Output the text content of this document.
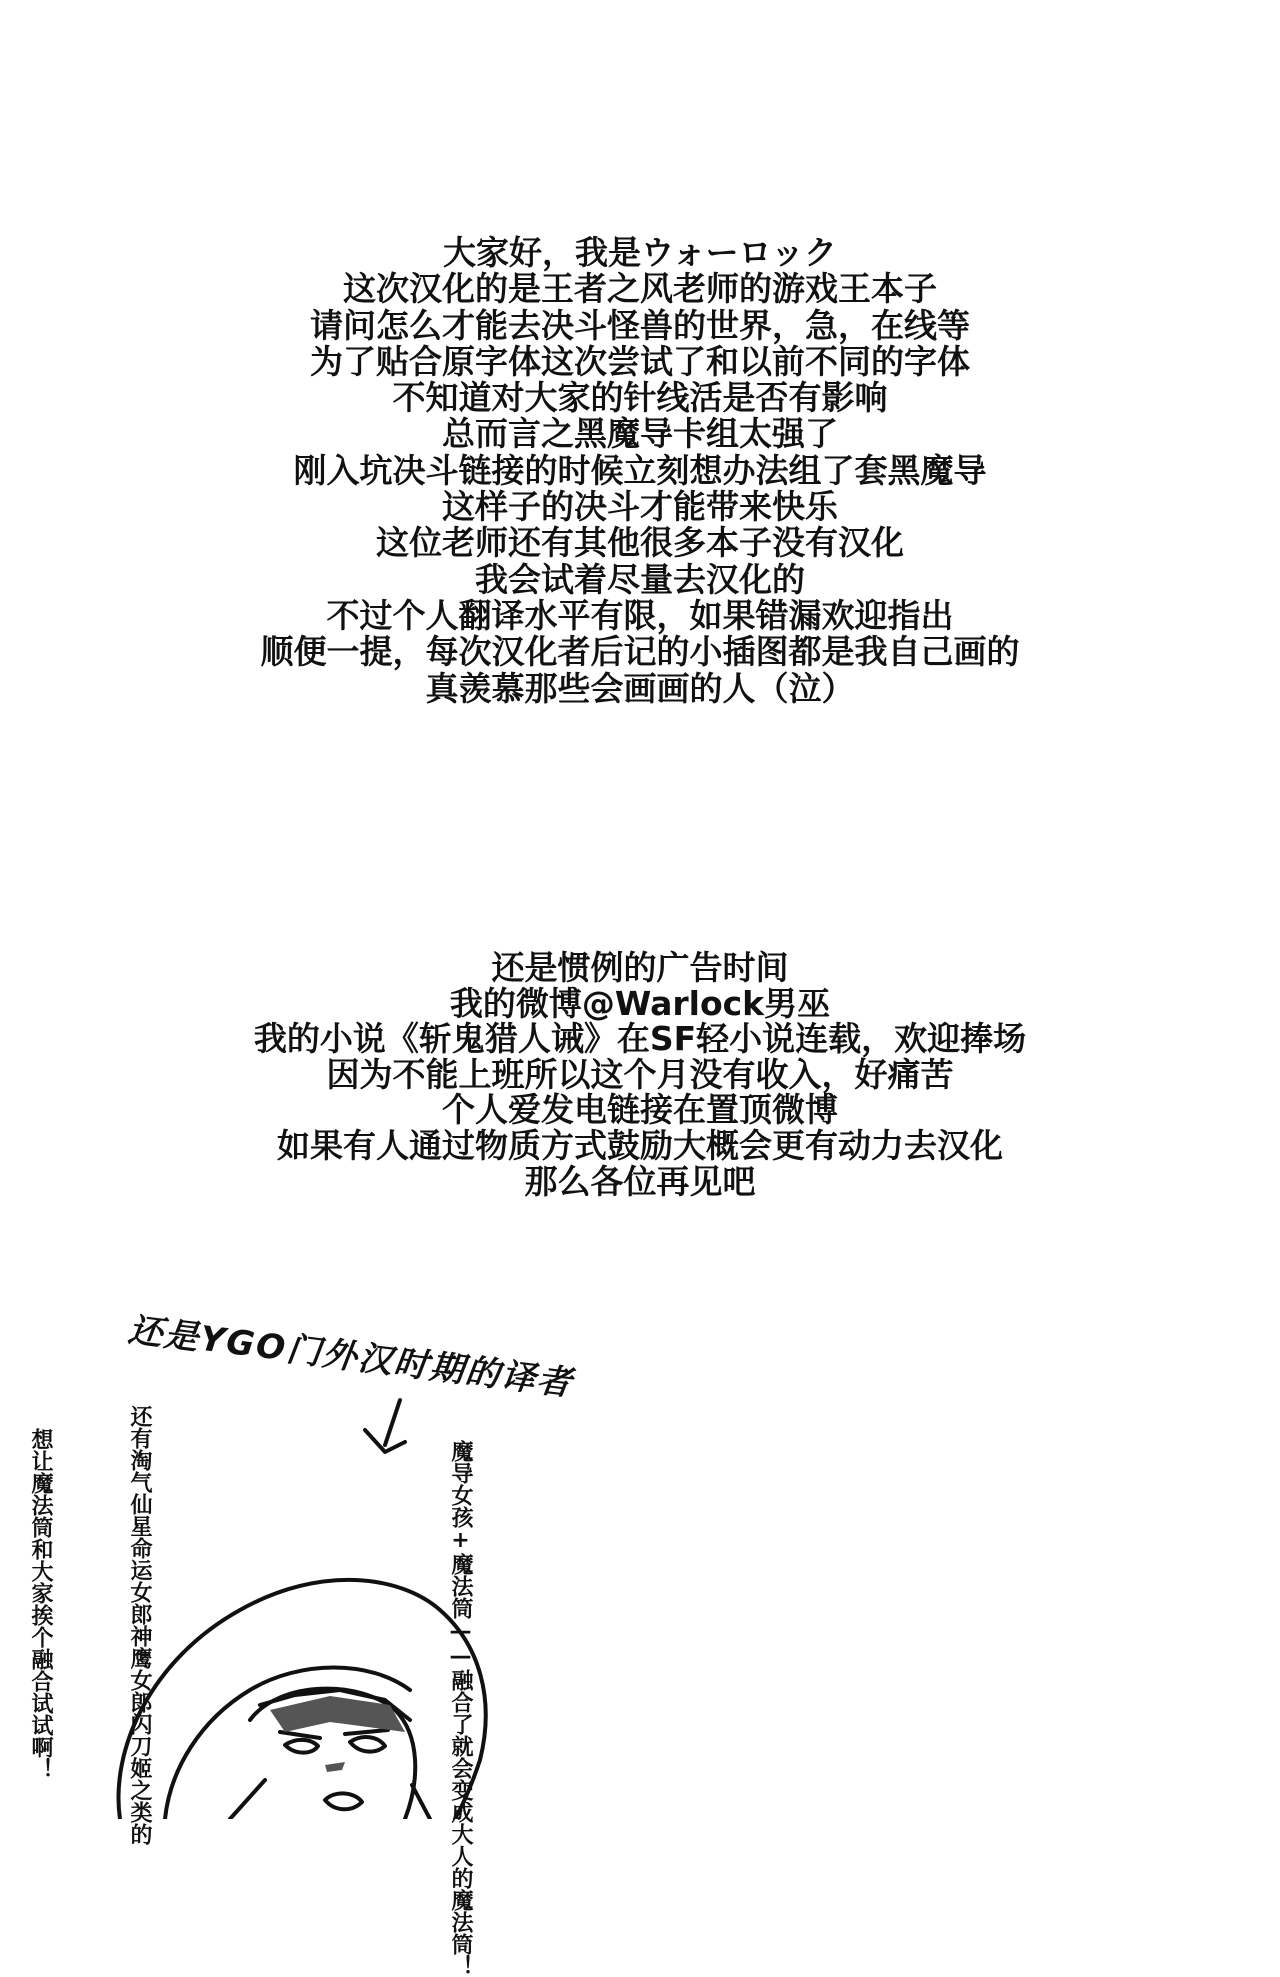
大家好，我是ウォーロック
这次汉化的是王者之风老师的游戏王本子
请问怎么才能去决斗怪兽的世界，急，在线等
为了贴合原字体这次尝试了和以前不同的字体
不知道对大家的针线活是否有影响
总而言之黑魔导卡组太强了
刚入坑决斗链接的时候立刻想办法组了套黑魔导
这样子的决斗才能带来快乐
这位老师还有其他很多本子没有汉化
我会试着尽量去汉化的
不过个人翻译水平有限，如果错漏欢迎指出
顺便一提，每次汉化者后记的小插图都是我自己画的
真羡慕那些会画画的人（泣）
还是惯例的广告时间
我的微博@Warlock男巫
我的小说《斩鬼猎人诫》在SF轻小说连载，欢迎捧场
因为不能上班所以这个月没有收入，好痛苦
个人爱发电链接在置顶微博
如果有人通过物质方式鼓励大概会更有动力去汉化
那么各位再见吧
还是YGO门外汉时期的译者
想让魔法筒和大家挨个融合试试啊！
还有淘气仙星命运女郎神鹰女郎闪刀姬之类的
魔导女孩+魔法筒——融合了就会变成大人的魔法筒！
